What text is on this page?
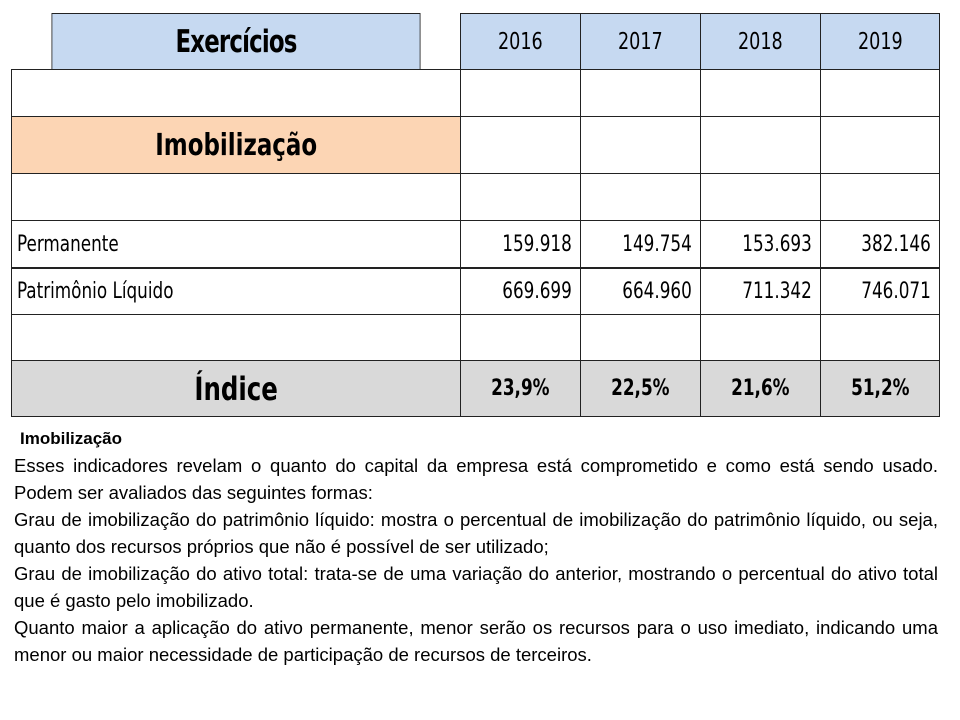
Exercícios	2016	2017	2018	2019
Imobilização
Permanente	159.918 149.754 153.693 382.146
Patrimônio Líquido	669.699 664.960 711.342 746.071
Índice	23,9%	22,5%	21,6%	51,2%
Imobilização

Esses indicadores revelam o quanto do capital da empresa está comprometido e como está sendo usado. Podem ser avaliados das seguintes formas:

Grau de imobilização do patrimônio líquido: mostra o percentual de imobilização do patrimônio líquido, ou seja, quanto dos recursos próprios que não é possível de ser utilizado;

Grau de imobilização do ativo total: trata-se de uma variação do anterior, mostrando o percentual do ativo total que é gasto pelo imobilizado.

Quanto maior a aplicação do ativo permanente, menor serão os recursos para o uso imediato, indicando uma menor ou maior necessidade de participação de recursos de terceiros.
